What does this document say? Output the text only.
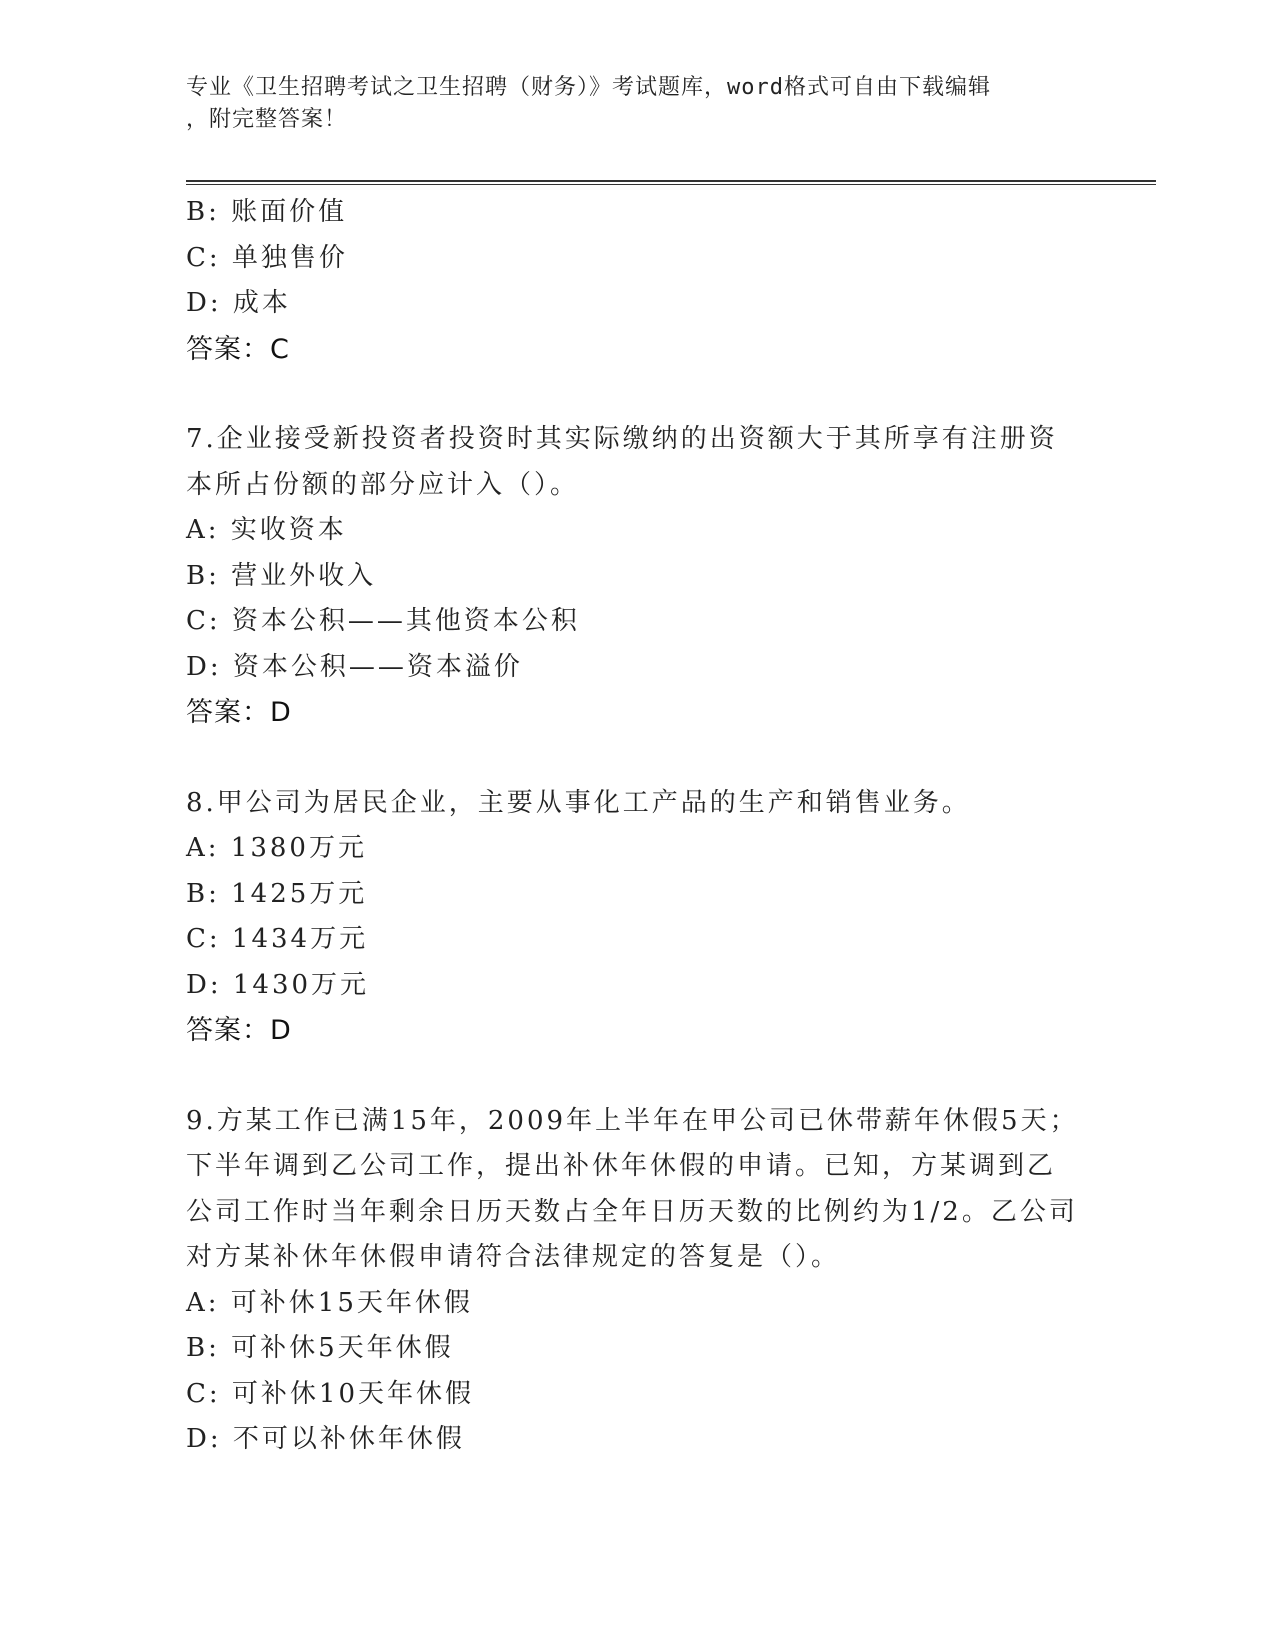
专业《卫生招聘考试之卫生招聘（财务）》考试题库，word格式可自由下载编辑
，附完整答案！
B: 账面价值
C: 单独售价
D: 成本
答案：C
7.企业接受新投资者投资时其实际缴纳的出资额大于其所享有注册资
本所占份额的部分应计入（）。
A: 实收资本
B: 营业外收入
C: 资本公积——其他资本公积
D: 资本公积——资本溢价
答案：D
8.甲公司为居民企业，主要从事化工产品的生产和销售业务。
A: 1380万元
B: 1425万元
C: 1434万元
D: 1430万元
答案：D
9.方某工作已满15年，2009年上半年在甲公司已休带薪年休假5天；
下半年调到乙公司工作，提出补休年休假的申请。已知，方某调到乙
公司工作时当年剩余日历天数占全年日历天数的比例约为1/2。乙公司
对方某补休年休假申请符合法律规定的答复是（）。
A: 可补休15天年休假
B: 可补休5天年休假
C: 可补休10天年休假
D: 不可以补休年休假
